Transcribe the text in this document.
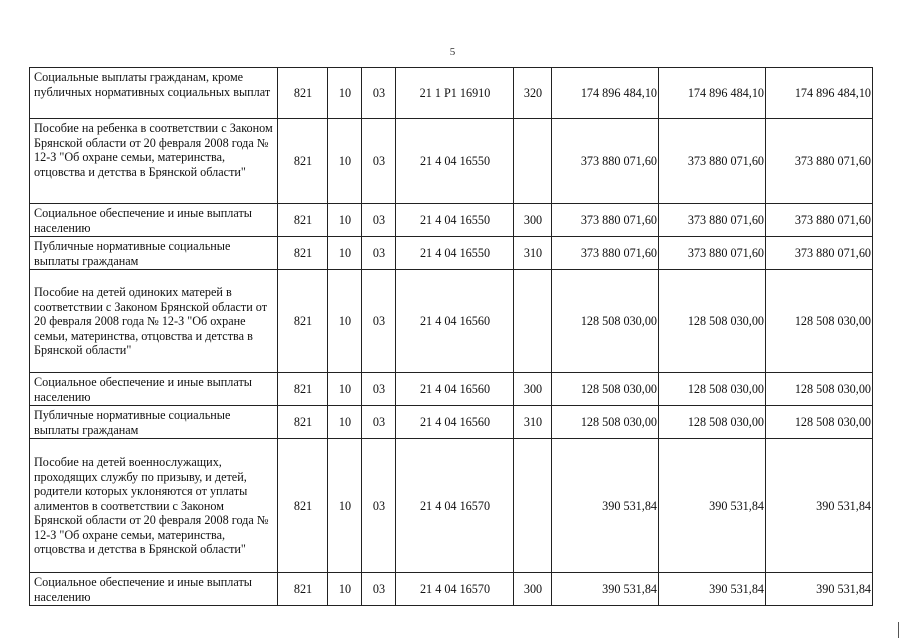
5
Социальные выплаты гражданам, кроме публичных нормативных социальных выплат	821	10	03	21 1 Р1 16910	320	174 896 484,10	174 896 484,10	174 896 484,10
Пособие на ребенка в соответствии с Законом Брянской области от 20 февраля 2008 года № 12-З "Об охране семьи, материнства, отцовства и детства в Брянской области"	821	10	03	21 4 04 16550		373 880 071,60	373 880 071,60	373 880 071,60
Социальное обеспечение и иные выплаты населению	821	10	03	21 4 04 16550	300	373 880 071,60	373 880 071,60	373 880 071,60
Публичные нормативные социальные выплаты гражданам	821	10	03	21 4 04 16550	310	373 880 071,60	373 880 071,60	373 880 071,60
Пособие на детей одиноких матерей в соответствии с Законом Брянской области от 20 февраля 2008 года № 12-З "Об охране семьи, материнства, отцовства и детства в Брянской области"	821	10	03	21 4 04 16560		128 508 030,00	128 508 030,00	128 508 030,00
Социальное обеспечение и иные выплаты населению	821	10	03	21 4 04 16560	300	128 508 030,00	128 508 030,00	128 508 030,00
Публичные нормативные социальные выплаты гражданам	821	10	03	21 4 04 16560	310	128 508 030,00	128 508 030,00	128 508 030,00
Пособие на детей военнослужащих, проходящих службу по призыву, и детей, родители которых уклоняются от уплаты алиментов в соответствии с Законом Брянской области от 20 февраля 2008 года № 12-З "Об охране семьи, материнства, отцовства и детства в Брянской области"	821	10	03	21 4 04 16570		390 531,84	390 531,84	390 531,84
Социальное обеспечение и иные выплаты населению	821	10	03	21 4 04 16570	300	390 531,84	390 531,84	390 531,84
